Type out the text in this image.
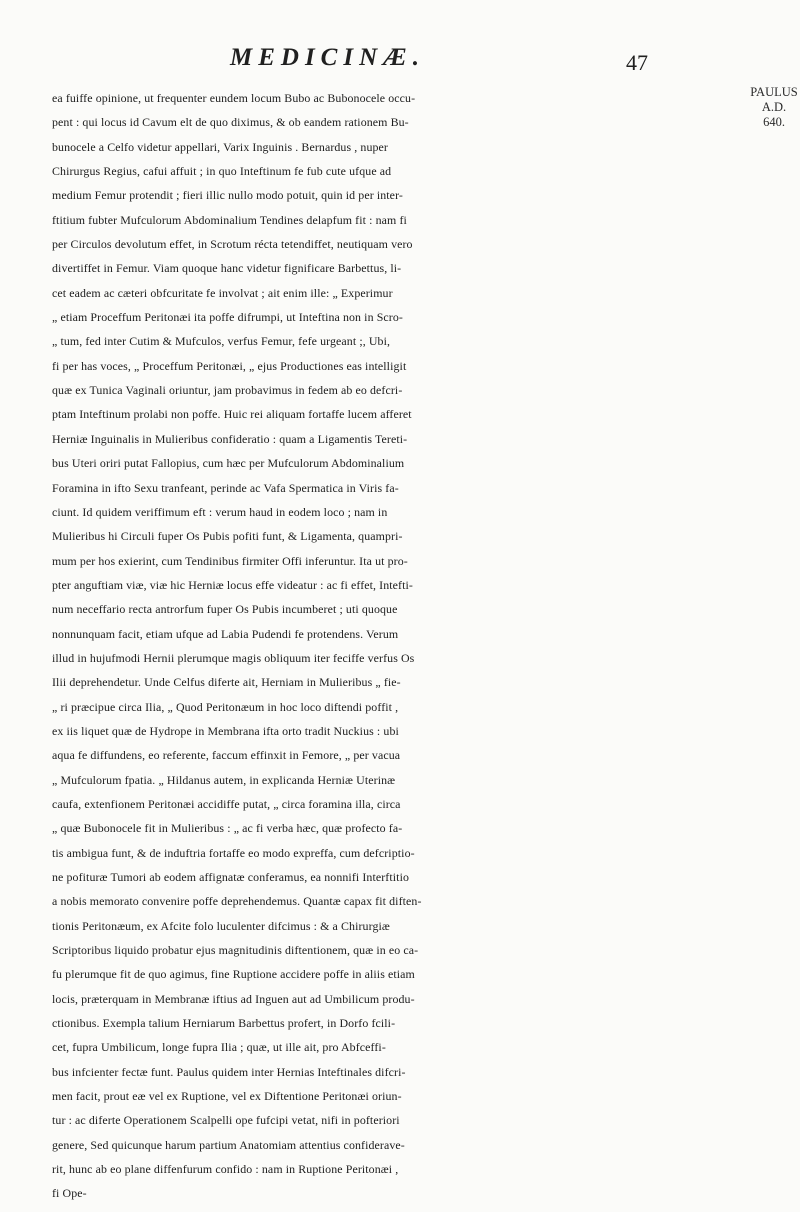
MEDICINÆ.	47
PAULUS
A.D.
640.
ea fuiffe opinione, ut frequenter eundem locum Bubo ac Bubonocele occu-
pent : qui locus id Cavum elt de quo diximus, & ob eandem rationem Bu-
bunocele a Celfo videtur appellari, Varix Inguinis . Bernardus , nuper
Chirurgus Regius, cafui affuit ; in quo Inteftinum fe fub cute ufque ad
medium Femur protendit ; fieri illic nullo modo potuit, quin id per inter-
ftitium fubter Mufculorum Abdominalium Tendines delapfum fit : nam fi
per Circulos devolutum effet, in Scrotum récta tetendiffet, neutiquam vero
divertiffet in Femur. Viam quoque hanc videtur fignificare Barbettus, li-
cet eadem ac cæteri obfcuritate fe involvat ; ait enim ille: „ Experimur
„ etiam Proceffum Peritonæi ita poffe difrumpi, ut Inteftina non in Scro-
„ tum, fed inter Cutim & Mufculos, verfus Femur, fefe urgeant ;, Ubi,
fi per has voces, „ Proceffum Peritonæi, „ ejus Productiones eas intelligit
quæ ex Tunica Vaginali oriuntur, jam probavimus in fedem ab eo defcri-
ptam Inteftinum prolabi non poffe. Huic rei aliquam fortaffe lucem afferet
Herniæ Inguinalis in Mulieribus confideratio : quam a Ligamentis Tereti-
bus Uteri oriri putat Fallopius, cum hæc per Mufculorum Abdominalium
Foramina in ifto Sexu tranfeant, perinde ac Vafa Spermatica in Viris fa-
ciunt. Id quidem veriffimum eft : verum haud in eodem loco ; nam in
Mulieribus hi Circuli fuper Os Pubis pofiti funt, & Ligamenta, quampri-
mum per hos exierint, cum Tendinibus firmiter Offi inferuntur. Ita ut pro-
pter anguftiam viæ, viæ hic Herniæ locus effe videatur : ac fi effet, Intefti-
num neceffario recta antrorfum fuper Os Pubis incumberet ; uti quoque
nonnunquam facit, etiam ufque ad Labia Pudendi fe protendens. Verum
illud in hujufmodi Hernii plerumque magis obliquum iter feciffe verfus Os
Ilii deprehendetur. Unde Celfus diferte ait, Herniam in Mulieribus „ fie-
„ ri præcipue circa Ilia, „ Quod Peritonæum in hoc loco diftendi poffit ,
ex iis liquet quæ de Hydrope in Membrana ifta orto tradit Nuckius : ubi
aqua fe diffundens, eo referente, faccum effinxit in Femore, „ per vacua
„ Mufculorum fpatia. „ Hildanus autem, in explicanda Herniæ Uterinæ
caufa, extenfionem Peritonæi accidiffe putat, „ circa foramina illa, circa
„ quæ Bubonocele fit in Mulieribus : „ ac fi verba hæc, quæ profecto fa-
tis ambigua funt, & de induftria fortaffe eo modo expreffa, cum defcriptio-
ne pofituræ Tumori ab eodem affignatæ conferamus, ea nonnifi Interftitio
a nobis memorato convenire poffe deprehendemus. Quantæ capax fit diften-
tionis Peritonæum, ex Afcite folo luculenter difcimus : & a Chirurgiæ
Scriptoribus liquido probatur ejus magnitudinis diftentionem, quæ in eo ca-
fu plerumque fit de quo agimus, fine Ruptione accidere poffe in aliis etiam
locis, præterquam in Membranæ iftius ad Inguen aut ad Umbilicum produ-
ctionibus. Exempla talium Herniarum Barbettus profert, in Dorfo fcili-
cet, fupra Umbilicum, longe fupra Ilia ; quæ, ut ille ait, pro Abfceffi-
bus infcienter fectæ funt. Paulus quidem inter Hernias Inteftinales difcri-
men facit, prout eæ vel ex Ruptione, vel ex Diftentione Peritonæi oriun-
tur : ac diferte Operationem Scalpelli ope fufcipi vetat, nifi in pofteriori
genere, Sed quicunque harum partium Anatomiam attentius confiderave-
rit, hunc ab eo plane diffenfurum confido : nam in Ruptione Peritonæi ,
fi Ope-
